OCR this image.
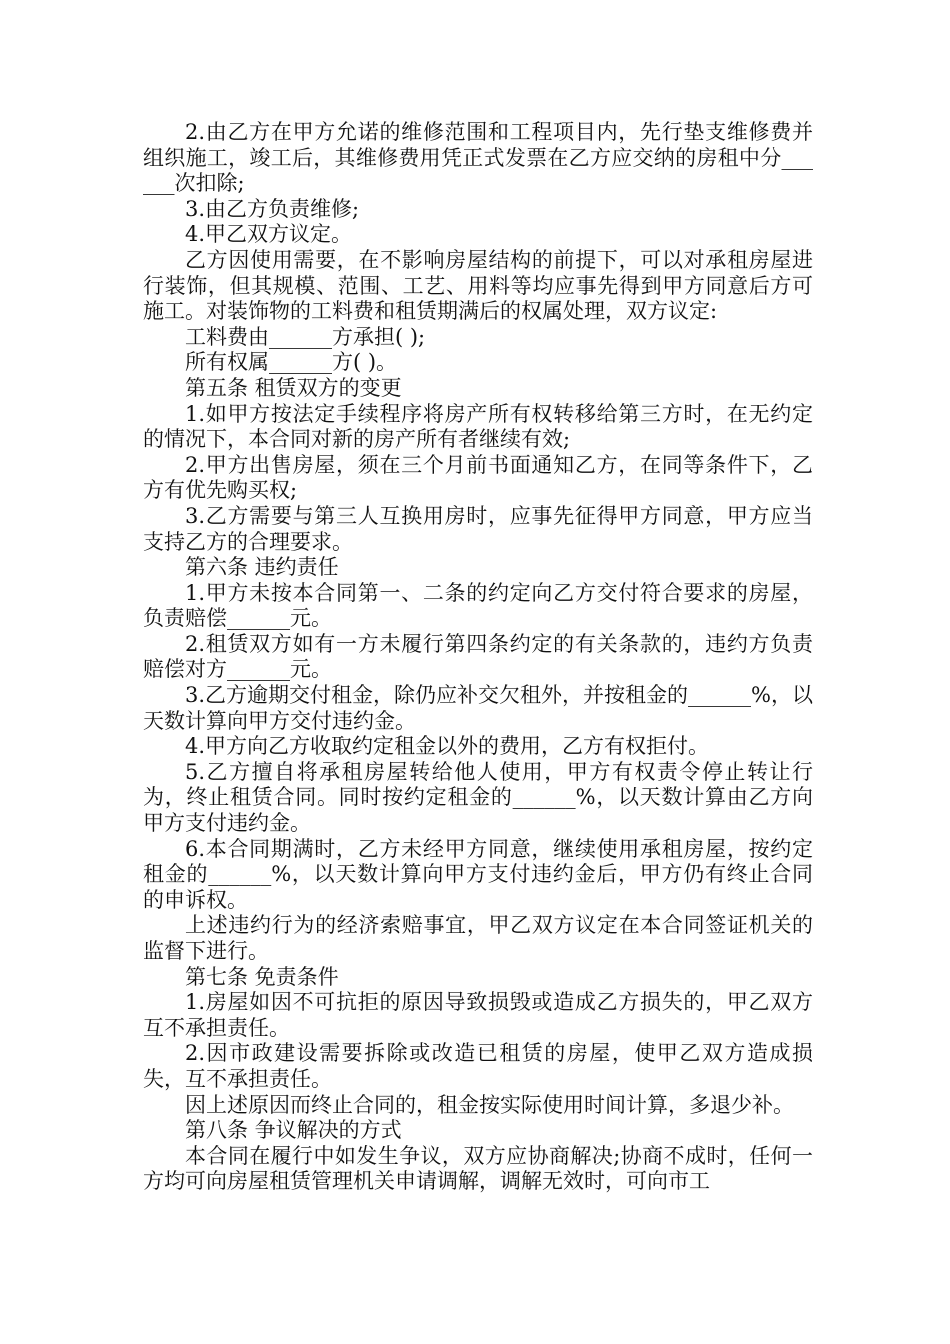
2.由乙方在甲方允诺的维修范围和工程项目内，先行垫支维修费并组织施工，竣工后，其维修费用凭正式发票在乙方应交纳的房租中分______次扣除;

3.由乙方负责维修;

4.甲乙双方议定。

乙方因使用需要，在不影响房屋结构的前提下，可以对承租房屋进行装饰，但其规模、范围、工艺、用料等均应事先得到甲方同意后方可施工。对装饰物的工料费和租赁期满后的权属处理，双方议定:

工料费由______方承担( );

所有权属______方( )。

第五条 租赁双方的变更

1.如甲方按法定手续程序将房产所有权转移给第三方时，在无约定的情况下，本合同对新的房产所有者继续有效;

2.甲方出售房屋，须在三个月前书面通知乙方，在同等条件下，乙方有优先购买权;

3.乙方需要与第三人互换用房时，应事先征得甲方同意，甲方应当支持乙方的合理要求。

第六条 违约责任

1.甲方未按本合同第一、二条的约定向乙方交付符合要求的房屋，负责赔偿______元。

2.租赁双方如有一方未履行第四条约定的有关条款的，违约方负责赔偿对方______元。

3.乙方逾期交付租金，除仍应补交欠租外，并按租金的______%，以天数计算向甲方交付违约金。

4.甲方向乙方收取约定租金以外的费用，乙方有权拒付。

5.乙方擅自将承租房屋转给他人使用，甲方有权责令停止转让行为，终止租赁合同。同时按约定租金的______%，以天数计算由乙方向甲方支付违约金。

6.本合同期满时，乙方未经甲方同意，继续使用承租房屋，按约定租金的______%，以天数计算向甲方支付违约金后，甲方仍有终止合同的申诉权。

上述违约行为的经济索赔事宜，甲乙双方议定在本合同签证机关的监督下进行。

第七条 免责条件

1.房屋如因不可抗拒的原因导致损毁或造成乙方损失的，甲乙双方互不承担责任。

2.因市政建设需要拆除或改造已租赁的房屋，使甲乙双方造成损失，互不承担责任。

因上述原因而终止合同的，租金按实际使用时间计算，多退少补。

第八条 争议解决的方式

本合同在履行中如发生争议，双方应协商解决;协商不成时，任何一方均可向房屋租赁管理机关申请调解，调解无效时，可向市工
